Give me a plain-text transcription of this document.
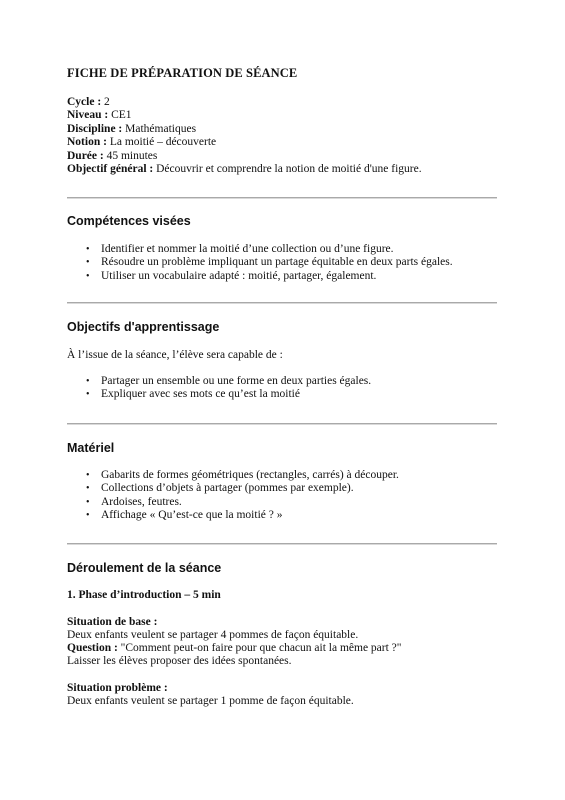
FICHE DE PRÉPARATION DE SÉANCE
Cycle : 2
Niveau : CE1
Discipline : Mathématiques
Notion : La moitié – découverte
Durée : 45 minutes
Objectif général : Découvrir et comprendre la notion de moitié d'une figure.
Compétences visées
• Identifier et nommer la moitié d’une collection ou d’une figure.
• Résoudre un problème impliquant un partage équitable en deux parts égales.
• Utiliser un vocabulaire adapté : moitié, partager, également.
Objectifs d'apprentissage
À l’issue de la séance, l’élève sera capable de :
• Partager un ensemble ou une forme en deux parties égales.
• Expliquer avec ses mots ce qu’est la moitié
Matériel
• Gabarits de formes géométriques (rectangles, carrés) à découper.
• Collections d’objets à partager (pommes par exemple).
• Ardoises, feutres.
• Affichage « Qu’est-ce que la moitié ? »
Déroulement de la séance
1. Phase d’introduction – 5 min
Situation de base :
Deux enfants veulent se partager 4 pommes de façon équitable.
Question : "Comment peut-on faire pour que chacun ait la même part ?"
Laisser les élèves proposer des idées spontanées.
Situation problème :
Deux enfants veulent se partager 1 pomme de façon équitable.
